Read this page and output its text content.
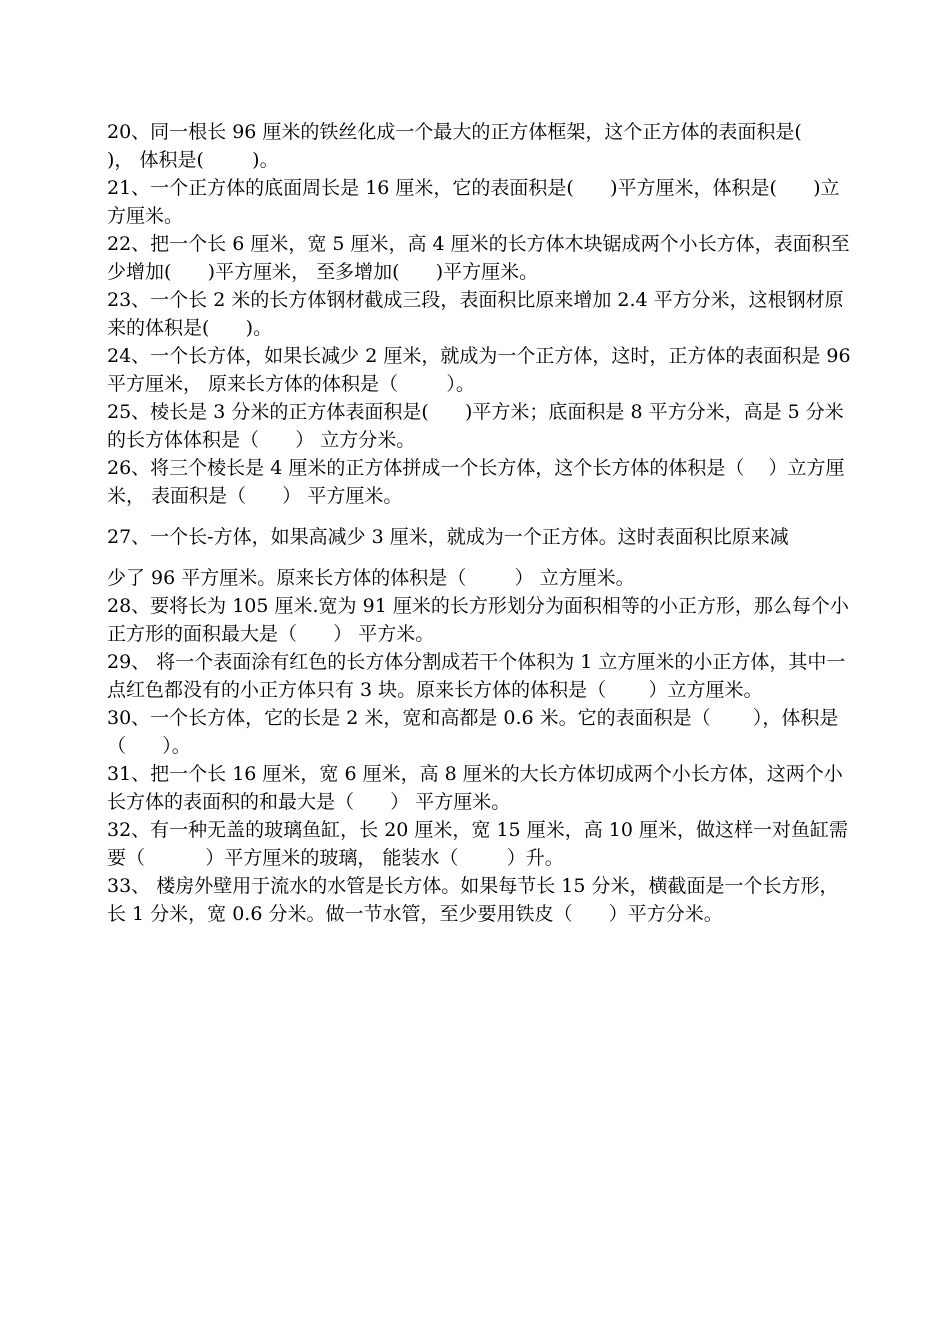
20、同一根长 96 厘米的铁丝化成一个最大的正方体框架，这个正方体的表面积是(       )， 体积是(        )。

21、一个正方体的底面周长是 16 厘米，它的表面积是(      )平方厘米，体积是(      )立方厘米。

22、把一个长 6 厘米，宽 5 厘米，高 4 厘米的长方体木块锯成两个小长方体，表面积至少增加(      )平方厘米， 至多增加(      )平方厘米。

23、一个长 2 米的长方体钢材截成三段，表面积比原来增加 2.4 平方分米，这根钢材原来的体积是(      )。

24、一个长方体，如果长减少 2 厘米，就成为一个正方体，这时，正方体的表面积是 96 平方厘米， 原来长方体的体积是（        ）。

25、棱长是 3 分米的正方体表面积是(      )平方米；底面积是 8 平方分米，高是 5 分米的长方体体积是（      ） 立方分米。

26、将三个棱长是 4 厘米的正方体拼成一个长方体，这个长方体的体积是（    ）立方厘米， 表面积是（      ） 平方厘米。

27、一个长-方体，如果高减少 3 厘米，就成为一个正方体。这时表面积比原来减

少了 96 平方厘米。原来长方体的体积是（        ） 立方厘米。

28、要将长为 105 厘米.宽为 91 厘米的长方形划分为面积相等的小正方形，那么每个小正方形的面积最大是（      ） 平方米。

29、 将一个表面涂有红色的长方体分割成若干个体积为 1 立方厘米的小正方体，其中一点红色都没有的小正方体只有 3 块。原来长方体的体积是（       ）立方厘米。

30、一个长方体，它的长是 2 米，宽和高都是 0.6 米。它的表面积是（       ），体积是（      ）。

31、把一个长 16 厘米，宽 6 厘米，高 8 厘米的大长方体切成两个小长方体，这两个小长方体的表面积的和最大是（      ） 平方厘米。

32、有一种无盖的玻璃鱼缸，长 20 厘米，宽 15 厘米，高 10 厘米，做这样一对鱼缸需要（          ）平方厘米的玻璃， 能装水（        ）升。

33、 楼房外壁用于流水的水管是长方体。如果每节长 15 分米，横截面是一个长方形，长 1 分米，宽 0.6 分米。做一节水管，至少要用铁皮（      ）平方分米。
